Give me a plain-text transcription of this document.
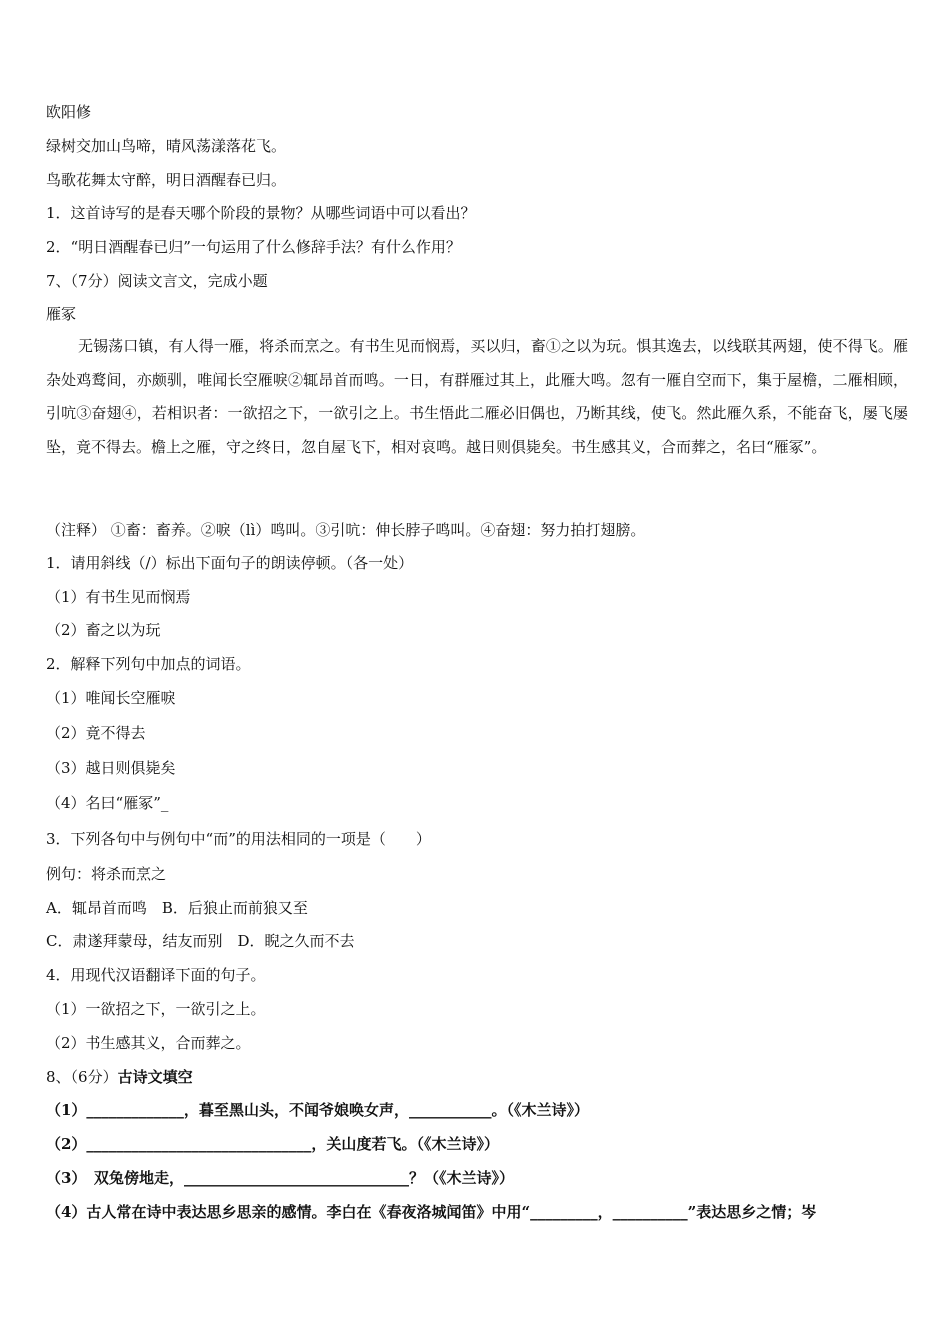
欧阳修
绿树交加山鸟啼，晴风荡漾落花飞。
鸟歌花舞太守醉，明日酒醒春已归。
1．这首诗写的是春天哪个阶段的景物？从哪些词语中可以看出？
2．“明日酒醒春已归”一句运用了什么修辞手法？有什么作用？
7、（7分）阅读文言文，完成小题
雁冢
无锡荡口镇，有人得一雁，将杀而烹之。有书生见而悯焉，买以归，畜①之以为玩。惧其逸去，以线联其两翅，使不得飞。雁杂处鸡鹜间，亦颇驯，唯闻长空雁唳②辄昂首而鸣。一日，有群雁过其上，此雁大鸣。忽有一雁自空而下，集于屋檐，二雁相顾，引吭③奋翅④，若相识者：一欲招之下，一欲引之上。书生悟此二雁必旧偶也，乃断其线，使飞。然此雁久系，不能奋飞，屡飞屡坠，竟不得去。檐上之雁，守之终日，忽自屋飞下，相对哀鸣。越日则俱毙矣。书生感其义，合而葬之，名曰“雁冢”。
（注释） ①畜：畜养。②唳（lì）鸣叫。③引吭：伸长脖子鸣叫。④奋翅：努力拍打翅膀。
1．请用斜线（/）标出下面句子的朗读停顿。（各一处）
（1）有书生见而悯焉
（2）畜之以为玩
2．解释下列句中加点的词语。
（1）唯闻长空雁唳
（2）竟不得去
（3）越日则俱毙矣
（4）名曰“雁冢”_
3．下列各句中与例句中“而”的用法相同的一项是（　　）
例句：将杀而烹之
A．辄昂首而鸣　B．后狼止而前狼又至
C．肃遂拜蒙母，结友而别　D．睨之久而不去
4．用现代汉语翻译下面的句子。
（1）一欲招之下，一欲引之上。
（2）书生感其义，合而葬之。
8、（6分）古诗文填空
（1）_____________，暮至黑山头，不闻爷娘唤女声，___________。（《木兰诗》）
（2）______________________________，关山度若飞。（《木兰诗》）
（3）　双兔傍地走，______________________________？（《木兰诗》）
（4）古人常在诗中表达思乡思亲的感情。李白在《春夜洛城闻笛》中用“_________，__________”表达思乡之情；岑
